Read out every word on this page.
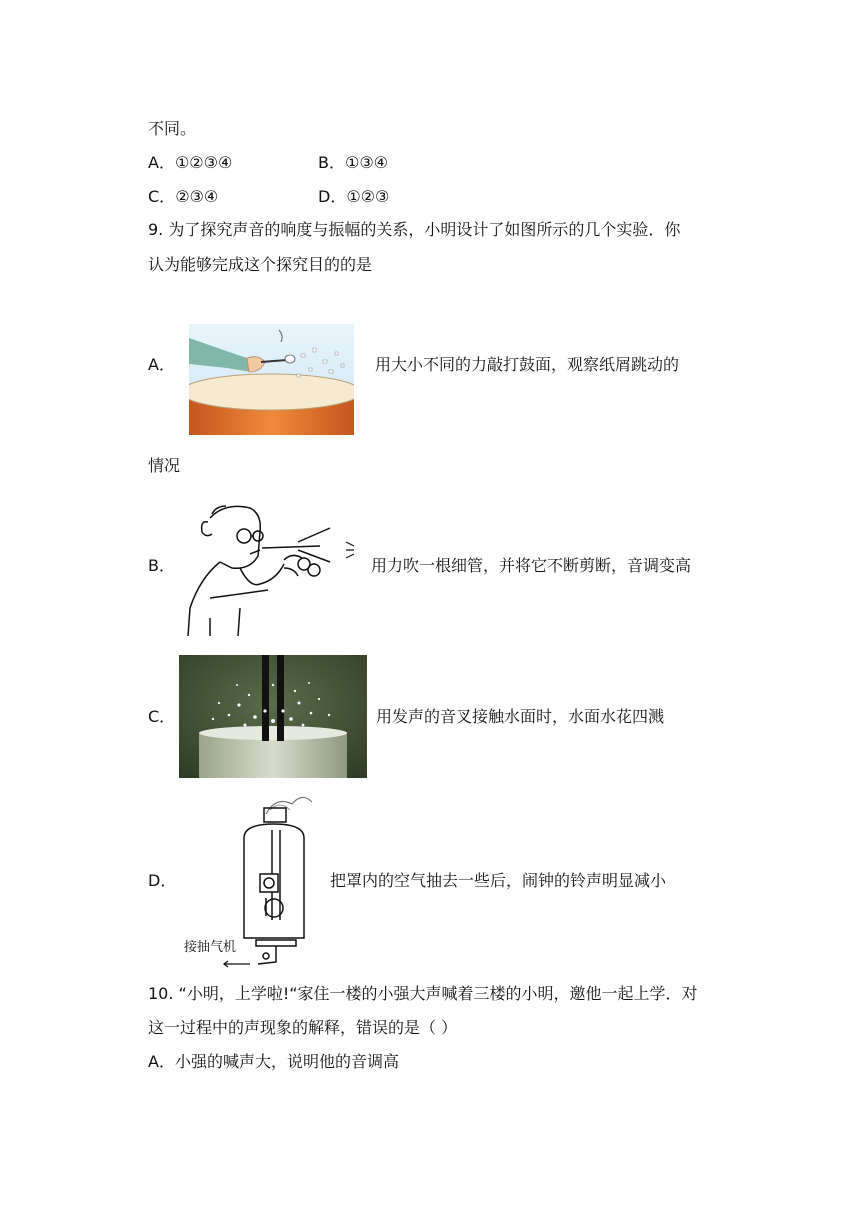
不同。
A．①②③④	B．①③④
C．②③④	D．①②③
9. 为了探究声音的响度与振幅的关系，小明设计了如图所示的几个实验．你
认为能够完成这个探究目的的是
A．	用大小不同的力敲打鼓面，观察纸屑跳动的
情况
B．	用力吹一根细管，并将它不断剪断，音调变高
C．	用发声的音叉接触水面时，水面水花四溅
D．
接抽气机
把罩内的空气抽去一些后，闹钟的铃声明显减小
10. “小明，上学啦!“家住一楼的小强大声喊着三楼的小明，邀他一起上学．对
这一过程中的声现象的解释，错误的是（ ）
A．小强的喊声大，说明他的音调高
